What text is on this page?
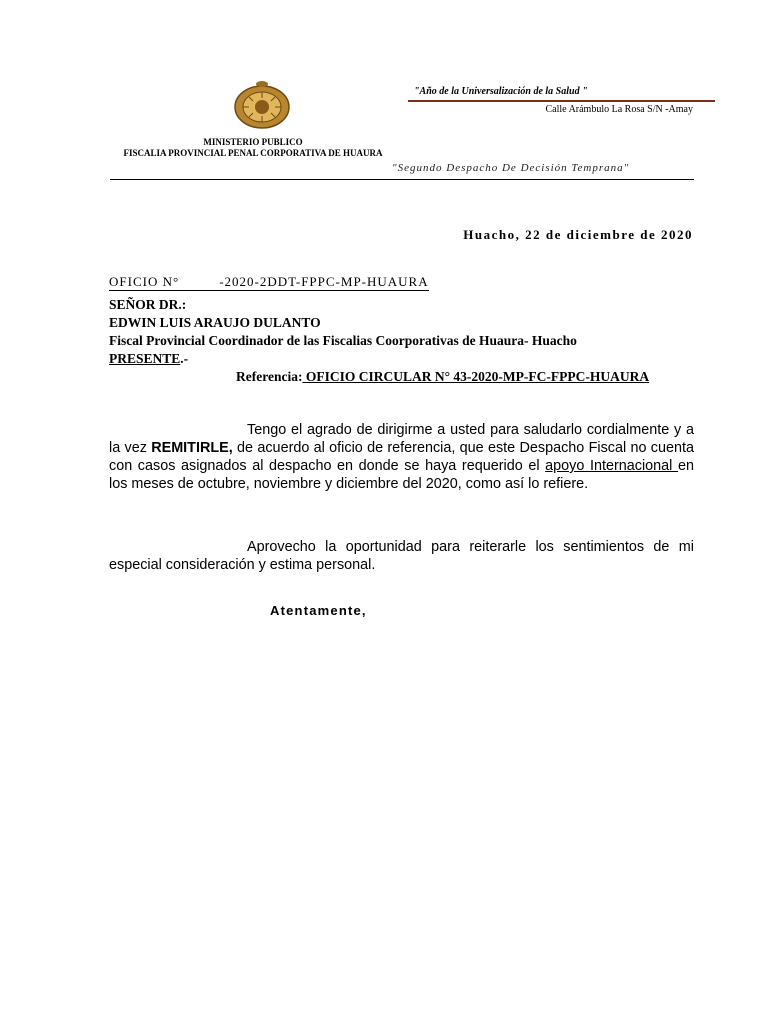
MINISTERIO PUBLICO
FISCALIA PROVINCIAL PENAL CORPORATIVA DE HUAURA
"Año de la Universalización de la Salud "
Calle Arámbulo La Rosa S/N -Amay
"Segundo Despacho De Decisión Temprana"
Huacho, 22 de diciembre de 2020
OFICIO N°	-2020-2DDT-FPPC-MP-HUAURA
SEÑOR DR.:
EDWIN LUIS ARAUJO DULANTO
Fiscal Provincial Coordinador de las Fiscalias Coorporativas de Huaura- Huacho
PRESENTE.-
Referencia: OFICIO CIRCULAR N° 43-2020-MP-FC-FPPC-HUAURA
Tengo el agrado de dirigirme a usted para saludarlo cordialmente y a la vez REMITIRLE, de acuerdo al oficio de referencia, que este Despacho Fiscal no cuenta con casos asignados al despacho en donde se haya requerido el apoyo Internacional en los meses de octubre, noviembre y diciembre del 2020, como así lo refiere.
Aprovecho la oportunidad para reiterarle los sentimientos de mi especial consideración y estima personal.
Atentamente,
